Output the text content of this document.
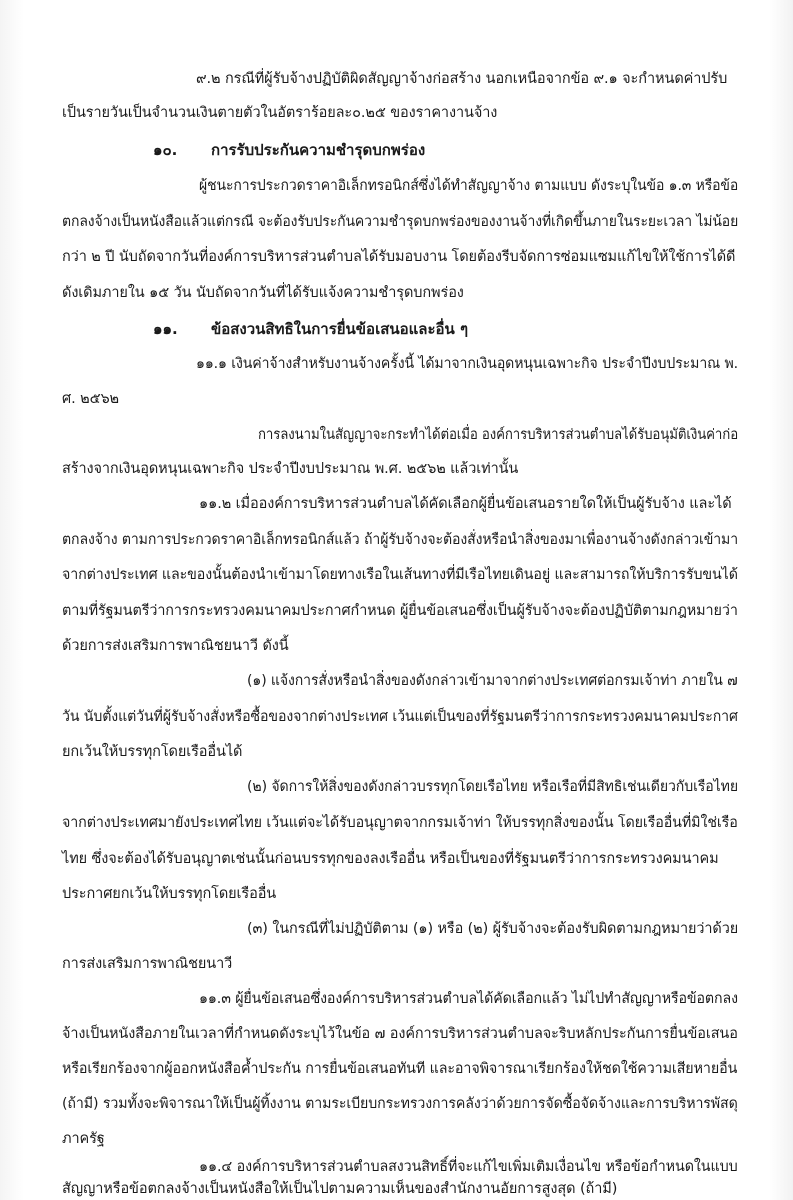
๙.๒ กรณีที่ผู้รับจ้างปฏิบัติผิดสัญญาจ้างก่อสร้าง นอกเหนือจากข้อ ๙.๑ จะกำหนดค่าปรับ
เป็นรายวันเป็นจำนวนเงินตายตัวในอัตราร้อยละ๐.๒๕ ของราคางานจ้าง
๑๐. การรับประกันความชำรุดบกพร่อง
ผู้ชนะการประกวดราคาอิเล็กทรอนิกส์ซึ่งได้ทำสัญญาจ้าง ตามแบบ ดังระบุในข้อ ๑.๓ หรือข้อ
ตกลงจ้างเป็นหนังสือแล้วแต่กรณี จะต้องรับประกันความชำรุดบกพร่องของงานจ้างที่เกิดขึ้นภายในระยะเวลา ไม่น้อย
กว่า ๒ ปี นับถัดจากวันที่องค์การบริหารส่วนตำบลได้รับมอบงาน โดยต้องรีบจัดการซ่อมแซมแก้ไขให้ใช้การได้ดี
ดังเดิมภายใน ๑๕ วัน นับถัดจากวันที่ได้รับแจ้งความชำรุดบกพร่อง
๑๑. ข้อสงวนสิทธิในการยื่นข้อเสนอและอื่น ๆ
๑๑.๑ เงินค่าจ้างสำหรับงานจ้างครั้งนี้ ได้มาจากเงินอุดหนุนเฉพาะกิจ ประจำปีงบประมาณ พ.
ศ. ๒๕๖๒
การลงนามในสัญญาจะกระทำได้ต่อเมื่อ องค์การบริหารส่วนตำบลได้รับอนุมัติเงินค่าก่อ
สร้างจากเงินอุดหนุนเฉพาะกิจ ประจำปีงบประมาณ พ.ศ. ๒๕๖๒ แล้วเท่านั้น
๑๑.๒ เมื่อองค์การบริหารส่วนตำบลได้คัดเลือกผู้ยื่นข้อเสนอรายใดให้เป็นผู้รับจ้าง และได้
ตกลงจ้าง ตามการประกวดราคาอิเล็กทรอนิกส์แล้ว ถ้าผู้รับจ้างจะต้องสั่งหรือนำสิ่งของมาเพื่องานจ้างดังกล่าวเข้ามา
จากต่างประเทศ และของนั้นต้องนำเข้ามาโดยทางเรือในเส้นทางที่มีเรือไทยเดินอยู่ และสามารถให้บริการรับขนได้
ตามที่รัฐมนตรีว่าการกระทรวงคมนาคมประกาศกำหนด ผู้ยื่นข้อเสนอซึ่งเป็นผู้รับจ้างจะต้องปฏิบัติตามกฎหมายว่า
ด้วยการส่งเสริมการพาณิชยนาวี ดังนี้
(๑) แจ้งการสั่งหรือนำสิ่งของดังกล่าวเข้ามาจากต่างประเทศต่อกรมเจ้าท่า ภายใน ๗
วัน นับตั้งแต่วันที่ผู้รับจ้างสั่งหรือซื้อของจากต่างประเทศ เว้นแต่เป็นของที่รัฐมนตรีว่าการกระทรวงคมนาคมประกาศ
ยกเว้นให้บรรทุกโดยเรืออื่นได้
(๒) จัดการให้สิ่งของดังกล่าวบรรทุกโดยเรือไทย หรือเรือที่มีสิทธิเช่นเดียวกับเรือไทย
จากต่างประเทศมายังประเทศไทย เว้นแต่จะได้รับอนุญาตจากกรมเจ้าท่า ให้บรรทุกสิ่งของนั้น โดยเรืออื่นที่มิใช่เรือ
ไทย ซึ่งจะต้องได้รับอนุญาตเช่นนั้นก่อนบรรทุกของลงเรืออื่น หรือเป็นของที่รัฐมนตรีว่าการกระทรวงคมนาคม
ประกาศยกเว้นให้บรรทุกโดยเรืออื่น
(๓) ในกรณีที่ไม่ปฏิบัติตาม (๑) หรือ (๒) ผู้รับจ้างจะต้องรับผิดตามกฎหมายว่าด้วย
การส่งเสริมการพาณิชยนาวี
๑๑.๓ ผู้ยื่นข้อเสนอซึ่งองค์การบริหารส่วนตำบลได้คัดเลือกแล้ว ไม่ไปทำสัญญาหรือข้อตกลง
จ้างเป็นหนังสือภายในเวลาที่กำหนดดังระบุไว้ในข้อ ๗ องค์การบริหารส่วนตำบลจะริบหลักประกันการยื่นข้อเสนอ
หรือเรียกร้องจากผู้ออกหนังสือค้ำประกัน การยื่นข้อเสนอทันที และอาจพิจารณาเรียกร้องให้ชดใช้ความเสียหายอื่น
(ถ้ามี) รวมทั้งจะพิจารณาให้เป็นผู้ทิ้งงาน ตามระเบียบกระทรวงการคลังว่าด้วยการจัดซื้อจัดจ้างและการบริหารพัสดุ
ภาครัฐ
๑๑.๔ องค์การบริหารส่วนตำบลสงวนสิทธิ์ที่จะแก้ไขเพิ่มเติมเงื่อนไข หรือข้อกำหนดในแบบ
สัญญาหรือข้อตกลงจ้างเป็นหนังสือให้เป็นไปตามความเห็นของสำนักงานอัยการสูงสุด (ถ้ามี)
